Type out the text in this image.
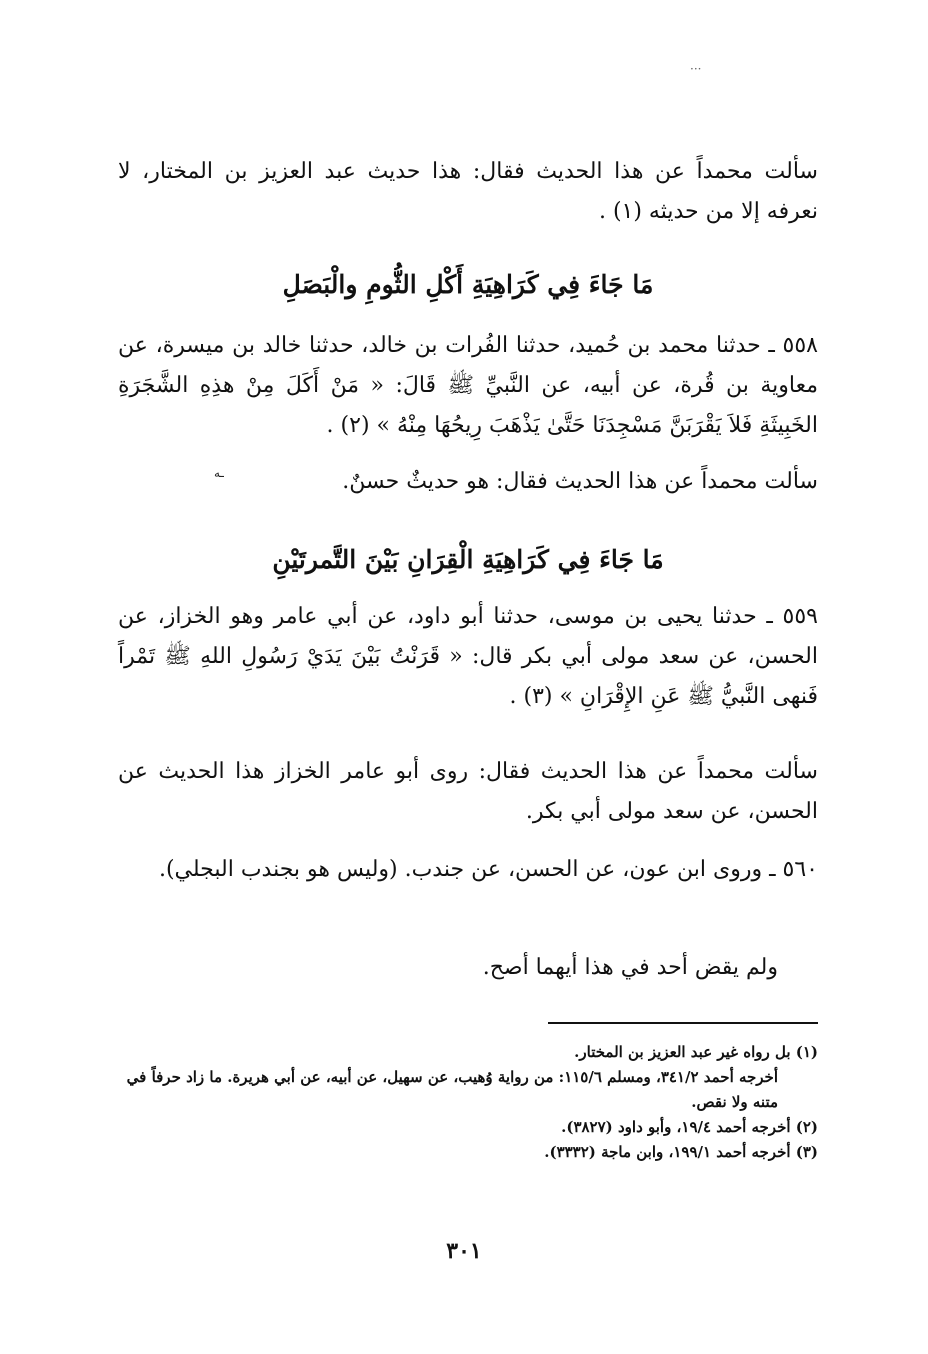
سألت محمداً عن هذا الحديث فقال: هذا حديث عبد العزيز بن المختار، لا نعرفه إلا من حديثه (١) .
مَا جَاءَ فِي كَرَاهِيَةِ أَكْلِ الثُّومِ والْبَصَلِ
٥٥٨ ـ حدثنا محمد بن حُميد، حدثنا الفُرات بن خالد، حدثنا خالد بن ميسرة، عن معاوية بن قُرة، عن أبيه، عن النَّبيِّ ﷺ قَالَ: « مَنْ أَكَلَ مِنْ هذِهِ الشَّجَرَةِ الخَبِيثَةِ فَلاَ يَقْرَبَنَّ مَسْجِدَنَا حَتَّىٰ يَذْهَبَ رِيحُهَا مِنْهُ » (٢) .
سألت محمداً عن هذا الحديث فقال: هو حديثٌ حسنٌ.
مَا جَاءَ فِي كَرَاهِيَةِ الْقِرَانِ بَيْنَ التَّمرتَيْنِ
٥٥٩ ـ حدثنا يحيى بن موسى، حدثنا أبو داود، عن أبي عامر وهو الخزاز، عن الحسن، عن سعد مولى أبي بكر قال: « قَرَنْتُ بَيْنَ يَدَيْ رَسُولِ اللهِ ﷺ تَمْراً فَنهى النَّبيُّ ﷺ عَنِ الإِقْرَانِ » (٣) .
سألت محمداً عن هذا الحديث فقال: روى أبو عامر الخزاز هذا الحديث عن الحسن، عن سعد مولى أبي بكر.
٥٦٠ ـ وروى ابن عون، عن الحسن، عن جندب. (وليس هو بجندب البجلي).
ولم يقض أحد في هذا أيهما أصح.
(١) بل رواه غير عبد العزيز بن المختار.
أخرجه أحمد ٣٤١/٢، ومسلم ١١٥/٦: من رواية وُهيب، عن سهيل، عن أبيه، عن أبي هريرة. ما زاد حرفاً في متنه ولا نقص.
(٢) أخرجه أحمد ١٩/٤، وأبو داود (٣٨٢٧).
(٣) أخرجه أحمد ١٩٩/١، وابن ماجة (٣٣٣٢).
٣٠١
···
ـه
